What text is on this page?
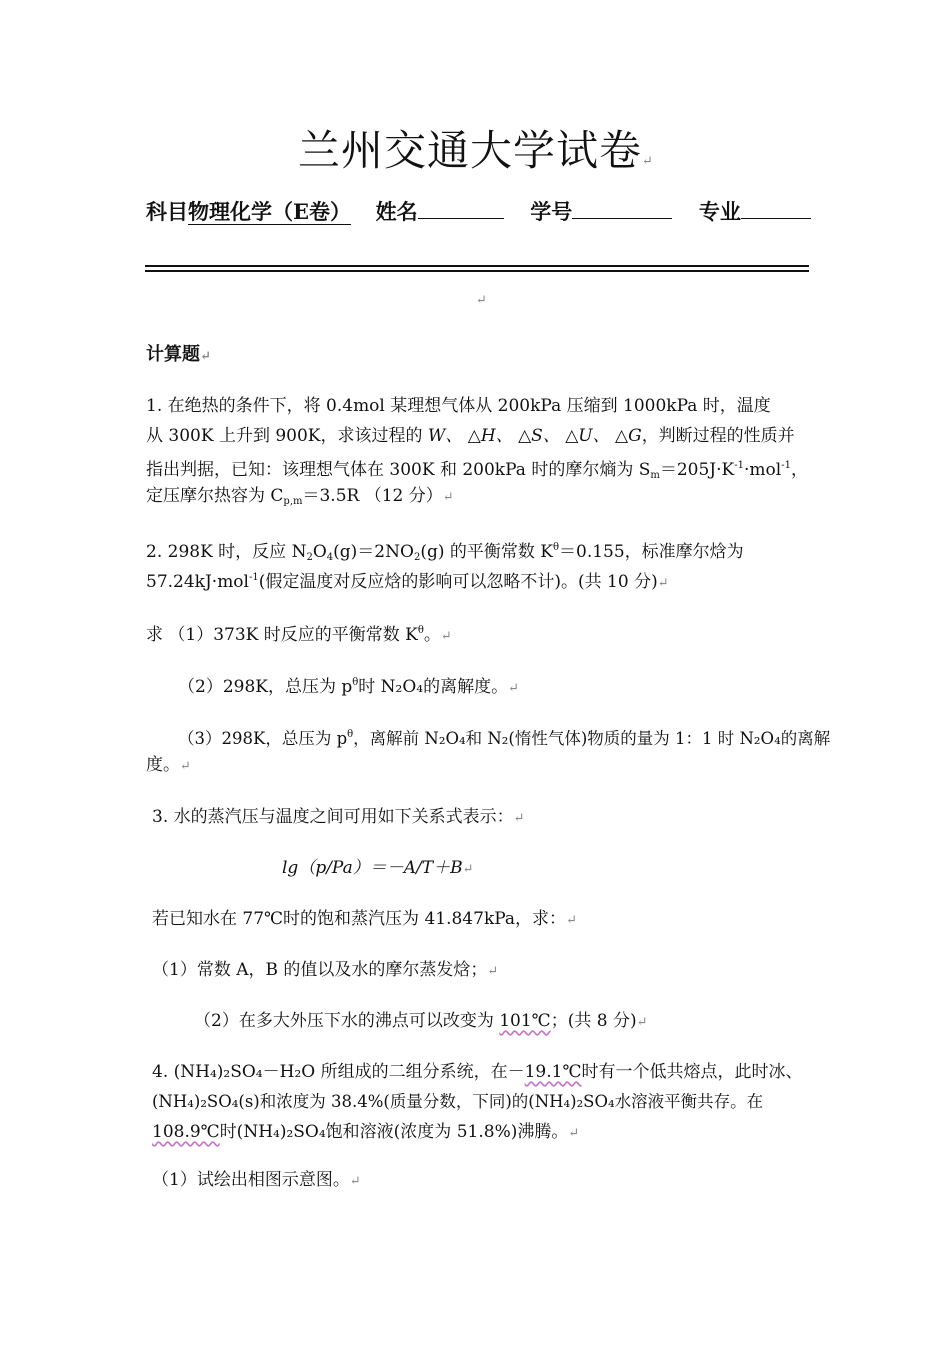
兰州交通大学试卷↵
科目物理化学（E卷） 姓名	学号	专业
↵
计算题↵
1. 在绝热的条件下，将 0.4mol 某理想气体从 200kPa 压缩到 1000kPa 时，温度
从 300K 上升到 900K，求该过程的 W、 △H、 △S、 △U、 △G，判断过程的性质并
指出判据，已知：该理想气体在 300K 和 200kPa 时的摩尔熵为 $S_m=205J\cdot K^{-1}\cdot mol^{-1}$，
定压摩尔热容为 $C_{p,m}=3.5R$ （12 分）↵
2. 298K 时，反应 $N_2O_4(g)=2NO_2(g)$ 的平衡常数 $K^\theta=0.155$，标准摩尔焓为
57.24kJ·mol$^{-1}$(假定温度对反应焓的影响可以忽略不计)。(共 10 分)↵
求 （1）373K 时反应的平衡常数 $K^\theta$。↵
（2）298K，总压为 $p^\theta$时 N₂O₄的离解度。↵
（3）298K，总压为 $p^\theta$，离解前 N₂O₄和 N₂(惰性气体)物质的量为 1：1 时 N₂O₄的离解
度。↵
3. 水的蒸汽压与温度之间可用如下关系式表示：↵
lg（p/Pa）＝－A/T＋B↵
若已知水在 77℃时的饱和蒸汽压为 41.847kPa，求：↵
（1）常数 A，B 的值以及水的摩尔蒸发焓；↵
（2）在多大外压下水的沸点可以改变为 101℃；(共 8 分)↵
4. (NH₄)₂SO₄－H₂O 所组成的二组分系统，在－19.1℃时有一个低共熔点，此时冰、
(NH₄)₂SO₄(s)和浓度为 38.4%(质量分数，下同)的(NH₄)₂SO₄水溶液平衡共存。在
108.9℃时(NH₄)₂SO₄饱和溶液(浓度为 51.8%)沸腾。↵
（1）试绘出相图示意图。↵
